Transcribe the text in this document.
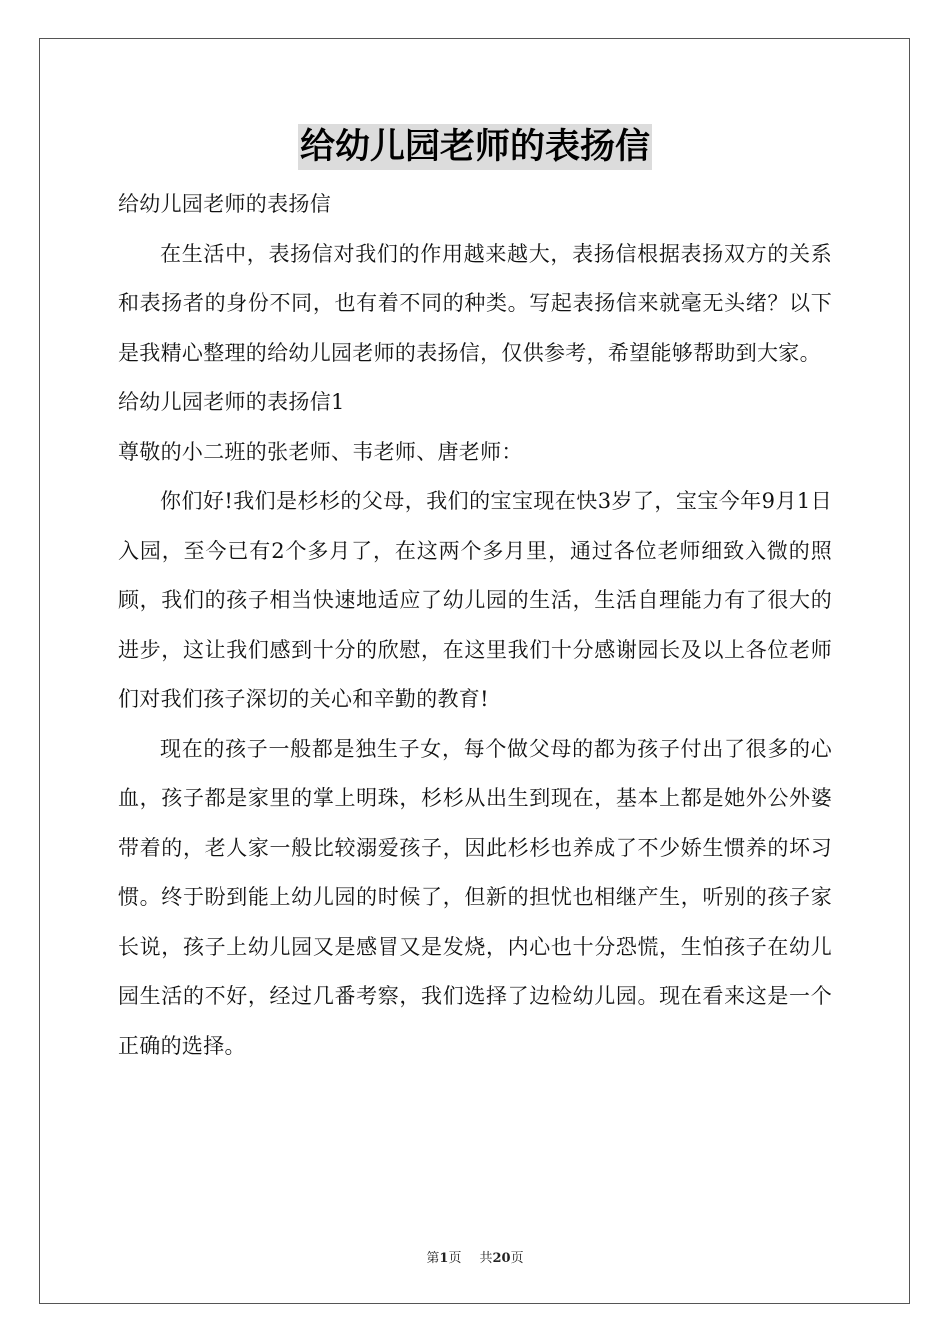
给幼儿园老师的表扬信

给幼儿园老师的表扬信

在生活中，表扬信对我们的作用越来越大，表扬信根据表扬双方的关系和表扬者的身份不同，也有着不同的种类。写起表扬信来就毫无头绪？以下是我精心整理的给幼儿园老师的表扬信，仅供参考，希望能够帮助到大家。

给幼儿园老师的表扬信1

尊敬的小二班的张老师、韦老师、唐老师：

你们好!我们是杉杉的父母，我们的宝宝现在快3岁了，宝宝今年9月1日入园，至今已有2个多月了，在这两个多月里，通过各位老师细致入微的照顾，我们的孩子相当快速地适应了幼儿园的生活，生活自理能力有了很大的进步，这让我们感到十分的欣慰，在这里我们十分感谢园长及以上各位老师们对我们孩子深切的关心和辛勤的教育!

现在的孩子一般都是独生子女，每个做父母的都为孩子付出了很多的心血，孩子都是家里的掌上明珠，杉杉从出生到现在，基本上都是她外公外婆带着的，老人家一般比较溺爱孩子，因此杉杉也养成了不少娇生惯养的坏习惯。终于盼到能上幼儿园的时候了，但新的担忧也相继产生，听别的孩子家长说，孩子上幼儿园又是感冒又是发烧，内心也十分恐慌，生怕孩子在幼儿园生活的不好，经过几番考察，我们选择了边检幼儿园。现在看来这是一个正确的选择。

第1页 共20页
